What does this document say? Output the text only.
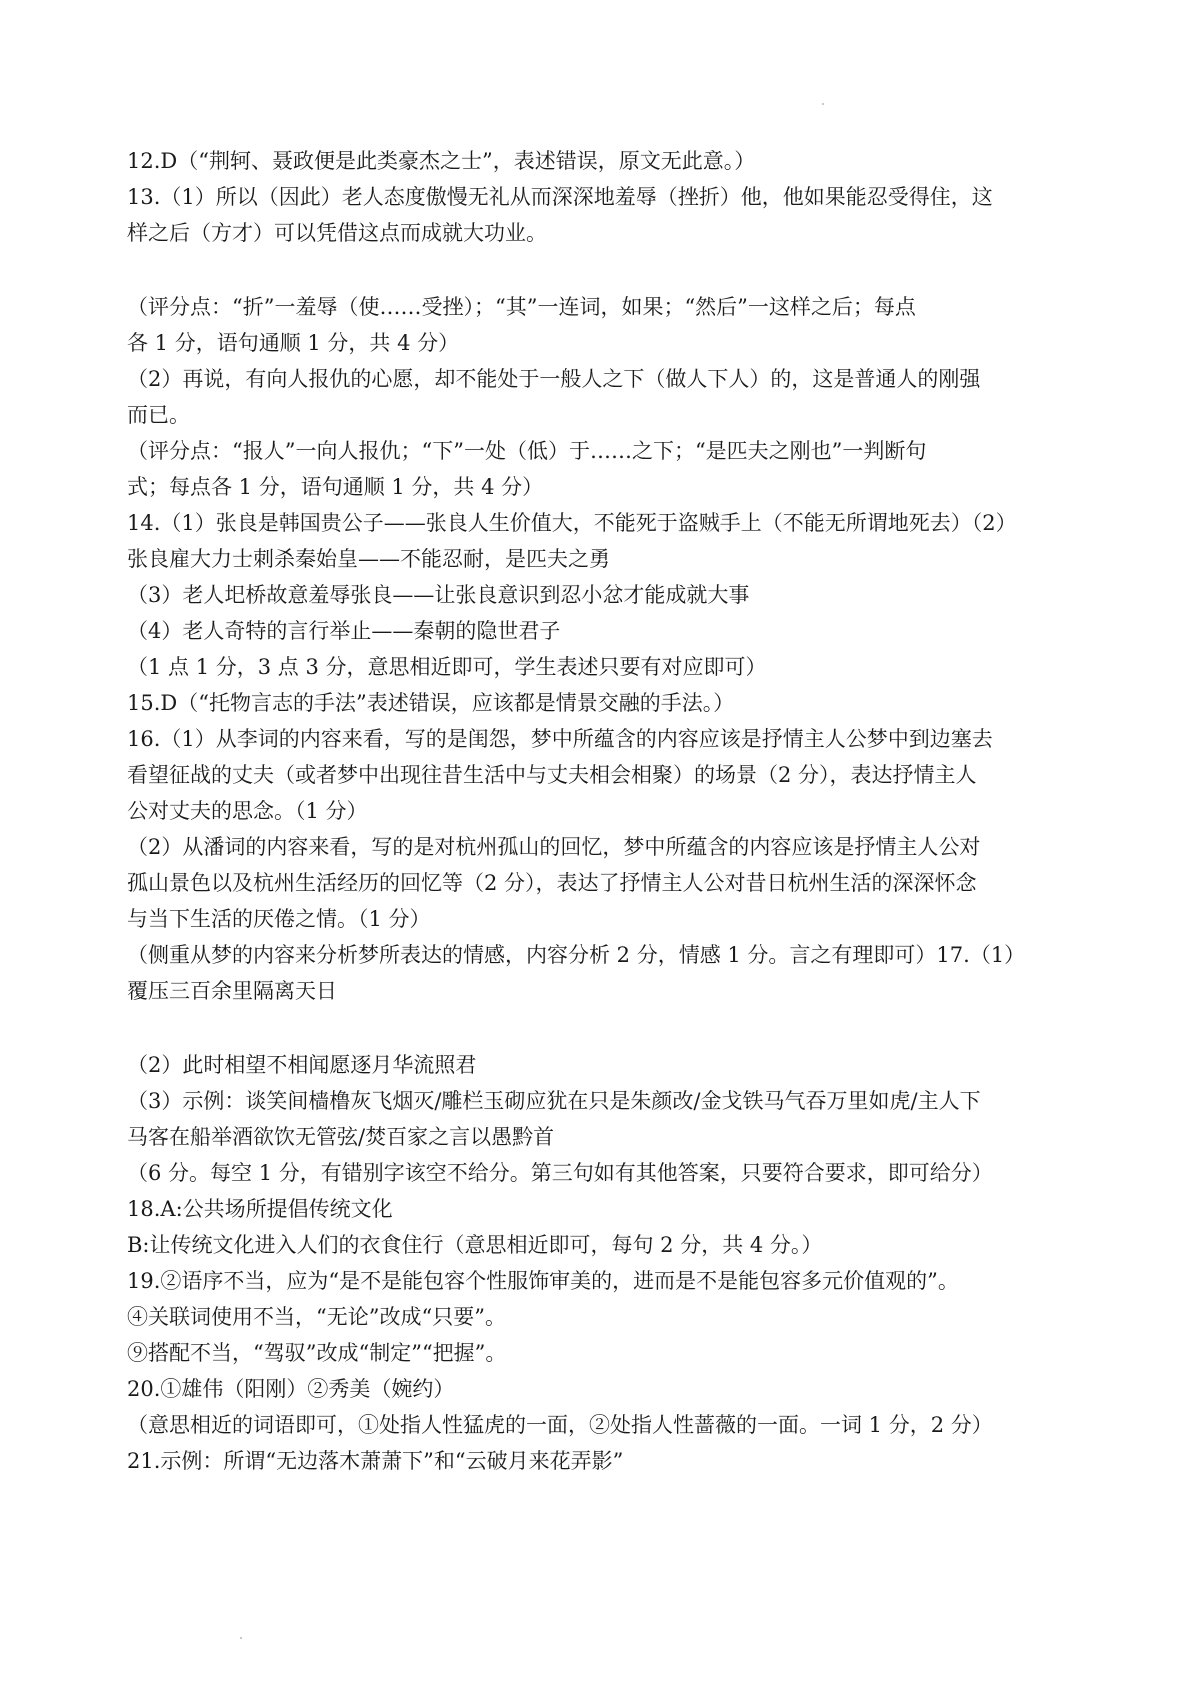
12.D（“荆轲、聂政便是此类豪杰之士”，表述错误，原文无此意。）
13.（1）所以（因此）老人态度傲慢无礼从而深深地羞辱（挫折）他，他如果能忍受得住，这
样之后（方才）可以凭借这点而成就大功业。
（评分点：“折”一羞辱（使……受挫）；“其”一连词，如果；“然后”一这样之后；每点
各 1 分，语句通顺 1 分，共 4 分）
（2）再说，有向人报仇的心愿，却不能处于一般人之下（做人下人）的，这是普通人的刚强
而已。
（评分点：“报人”一向人报仇；“下”一处（低）于……之下；“是匹夫之刚也”一判断句
式；每点各 1 分，语句通顺 1 分，共 4 分）
14.（1）张良是韩国贵公子——张良人生价值大，不能死于盗贼手上（不能无所谓地死去）（2）
张良雇大力士刺杀秦始皇——不能忍耐，是匹夫之勇
（3）老人圯桥故意羞辱张良——让张良意识到忍小忿才能成就大事
（4）老人奇特的言行举止——秦朝的隐世君子
（1 点 1 分，3 点 3 分，意思相近即可，学生表述只要有对应即可）
15.D（“托物言志的手法”表述错误，应该都是情景交融的手法。）
16.（1）从李词的内容来看，写的是闺怨，梦中所蕴含的内容应该是抒情主人公梦中到边塞去
看望征战的丈夫（或者梦中出现往昔生活中与丈夫相会相聚）的场景（2 分），表达抒情主人
公对丈夫的思念。（1 分）
（2）从潘词的内容来看，写的是对杭州孤山的回忆，梦中所蕴含的内容应该是抒情主人公对
孤山景色以及杭州生活经历的回忆等（2 分），表达了抒情主人公对昔日杭州生活的深深怀念
与当下生活的厌倦之情。（1 分）
（侧重从梦的内容来分析梦所表达的情感，内容分析 2 分，情感 1 分。言之有理即可）17.（1）
覆压三百余里隔离天日
（2）此时相望不相闻愿逐月华流照君
（3）示例：谈笑间樯橹灰飞烟灭/雕栏玉砌应犹在只是朱颜改/金戈铁马气吞万里如虎/主人下
马客在船举酒欲饮无管弦/焚百家之言以愚黔首
（6 分。每空 1 分，有错别字该空不给分。第三句如有其他答案，只要符合要求，即可给分）
18.A:公共场所提倡传统文化
B:让传统文化进入人们的衣食住行（意思相近即可，每句 2 分，共 4 分。）
19.②语序不当，应为“是不是能包容个性服饰审美的，进而是不是能包容多元价值观的”。
④关联词使用不当，“无论”改成“只要”。
⑨搭配不当，“驾驭”改成“制定”“把握”。
20.①雄伟（阳刚）②秀美（婉约）
（意思相近的词语即可，①处指人性猛虎的一面，②处指人性蔷薇的一面。一词 1 分，2 分）
21.示例：所谓“无边落木萧萧下”和“云破月来花弄影”
